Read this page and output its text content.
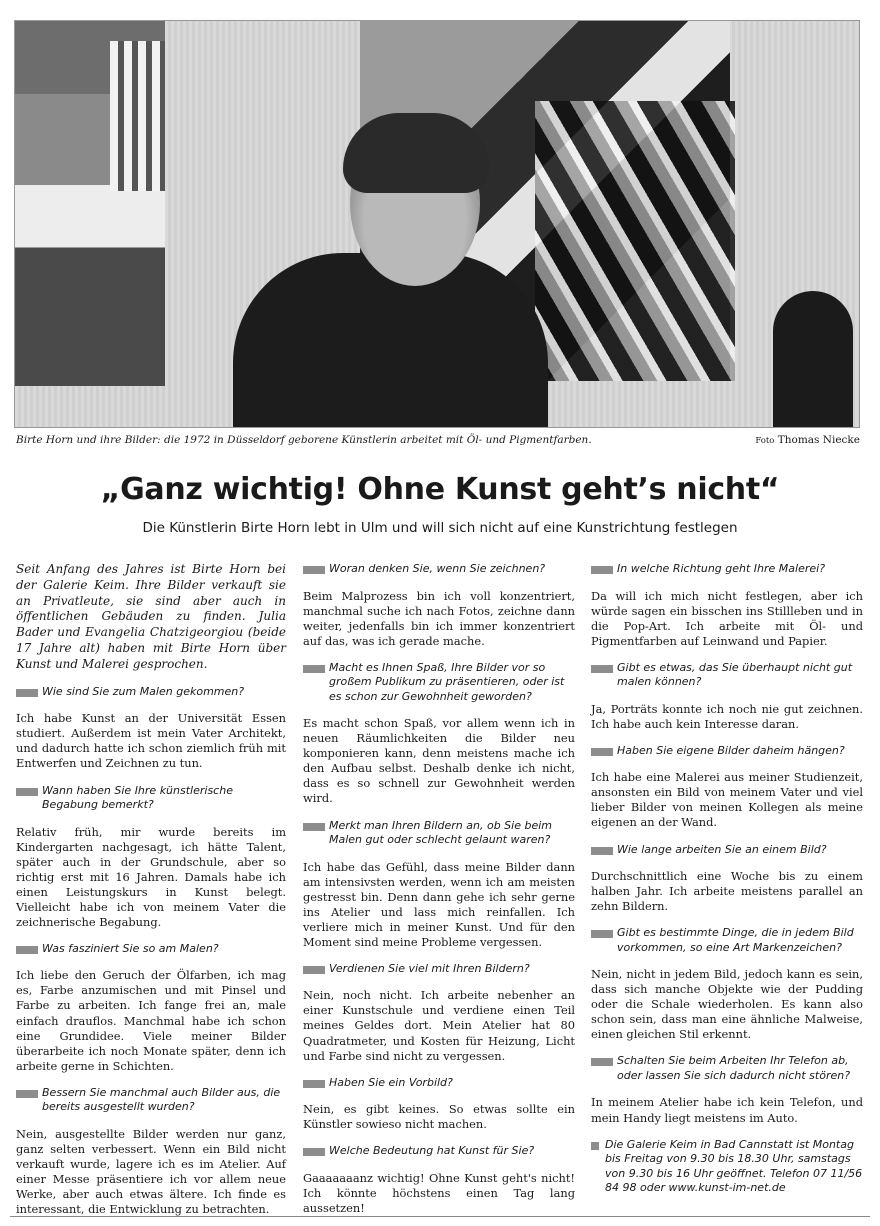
Birte Horn und ihre Bilder: die 1972 in Düsseldorf geborene Künstlerin arbeitet mit Öl- und Pigmentfarben.	Foto Thomas Niecke
„Ganz wichtig! Ohne Kunst geht’s nicht“
Die Künstlerin Birte Horn lebt in Ulm und will sich nicht auf eine Kunstrichtung festlegen

Seit Anfang des Jahres ist Birte Horn bei der Galerie Keim. Ihre Bilder verkauft sie an Privatleute, sie sind aber auch in öffentlichen Gebäuden zu finden. Julia Bader und Evangelia Chatzigeorgiou (beide 17 Jahre alt) haben mit Birte Horn über Kunst und Malerei gesprochen.

Wie sind Sie zum Malen gekommen?

Ich habe Kunst an der Universität Essen studiert. Außerdem ist mein Vater Architekt, und dadurch hatte ich schon ziemlich früh mit Entwerfen und Zeichnen zu tun.

Wann haben Sie Ihre künstlerische Begabung bemerkt?

Relativ früh, mir wurde bereits im Kindergarten nachgesagt, ich hätte Talent, später auch in der Grundschule, aber so richtig erst mit 16 Jahren. Damals habe ich einen Leistungskurs in Kunst belegt. Vielleicht habe ich von meinem Vater die zeichnerische Begabung.

Was fasziniert Sie so am Malen?

Ich liebe den Geruch der Ölfarben, ich mag es, Farbe anzumischen und mit Pinsel und Farbe zu arbeiten. Ich fange frei an, male einfach drauflos. Manchmal habe ich schon eine Grundidee. Viele meiner Bilder überarbeite ich noch Monate später, denn ich arbeite gerne in Schichten.

Bessern Sie manchmal auch Bilder aus, die bereits ausgestellt wurden?

Nein, ausgestellte Bilder werden nur ganz, ganz selten verbessert. Wenn ein Bild nicht verkauft wurde, lagere ich es im Atelier. Auf einer Messe präsentiere ich vor allem neue Werke, aber auch etwas ältere. Ich finde es interessant, die Entwicklung zu betrachten.

Woran denken Sie, wenn Sie zeichnen?

Beim Malprozess bin ich voll konzentriert, manchmal suche ich nach Fotos, zeichne dann weiter, jedenfalls bin ich immer konzentriert auf das, was ich gerade mache.

Macht es Ihnen Spaß, Ihre Bilder vor so großem Publikum zu präsentieren, oder ist es schon zur Gewohnheit geworden?

Es macht schon Spaß, vor allem wenn ich in neuen Räumlichkeiten die Bilder neu komponieren kann, denn meistens mache ich den Aufbau selbst. Deshalb denke ich nicht, dass es so schnell zur Gewohnheit werden wird.

Merkt man Ihren Bildern an, ob Sie beim Malen gut oder schlecht gelaunt waren?

Ich habe das Gefühl, dass meine Bilder dann am intensivsten werden, wenn ich am meisten gestresst bin. Denn dann gehe ich sehr gerne ins Atelier und lass mich reinfallen. Ich verliere mich in meiner Kunst. Und für den Moment sind meine Probleme vergessen.

Verdienen Sie viel mit Ihren Bildern?

Nein, noch nicht. Ich arbeite nebenher an einer Kunstschule und verdiene einen Teil meines Geldes dort. Mein Atelier hat 80 Quadratmeter, und Kosten für Heizung, Licht und Farbe sind nicht zu vergessen.

Haben Sie ein Vorbild?

Nein, es gibt keines. So etwas sollte ein Künstler sowieso nicht machen.

Welche Bedeutung hat Kunst für Sie?

Gaaaaaaanz wichtig! Ohne Kunst geht's nicht! Ich könnte höchstens einen Tag lang aussetzen!

In welche Richtung geht Ihre Malerei?

Da will ich mich nicht festlegen, aber ich würde sagen ein bisschen ins Stillleben und in die Pop-Art. Ich arbeite mit Öl- und Pigmentfarben auf Leinwand und Papier.

Gibt es etwas, das Sie überhaupt nicht gut malen können?

Ja, Porträts konnte ich noch nie gut zeichnen. Ich habe auch kein Interesse daran.

Haben Sie eigene Bilder daheim hängen?

Ich habe eine Malerei aus meiner Studienzeit, ansonsten ein Bild von meinem Vater und viel lieber Bilder von meinen Kollegen als meine eigenen an der Wand.

Wie lange arbeiten Sie an einem Bild?

Durchschnittlich eine Woche bis zu einem halben Jahr. Ich arbeite meistens parallel an zehn Bildern.

Gibt es bestimmte Dinge, die in jedem Bild vorkommen, so eine Art Markenzeichen?

Nein, nicht in jedem Bild, jedoch kann es sein, dass sich manche Objekte wie der Pudding oder die Schale wiederholen. Es kann also schon sein, dass man eine ähnliche Malweise, einen gleichen Stil erkennt.

Schalten Sie beim Arbeiten Ihr Telefon ab, oder lassen Sie sich dadurch nicht stören?

In meinem Atelier habe ich kein Telefon, und mein Handy liegt meistens im Auto.

Die Galerie Keim in Bad Cannstatt ist Montag bis Freitag von 9.30 bis 18.30 Uhr, samstags von 9.30 bis 16 Uhr geöffnet. Telefon 07 11/56 84 98 oder www.kunst-im-net.de
